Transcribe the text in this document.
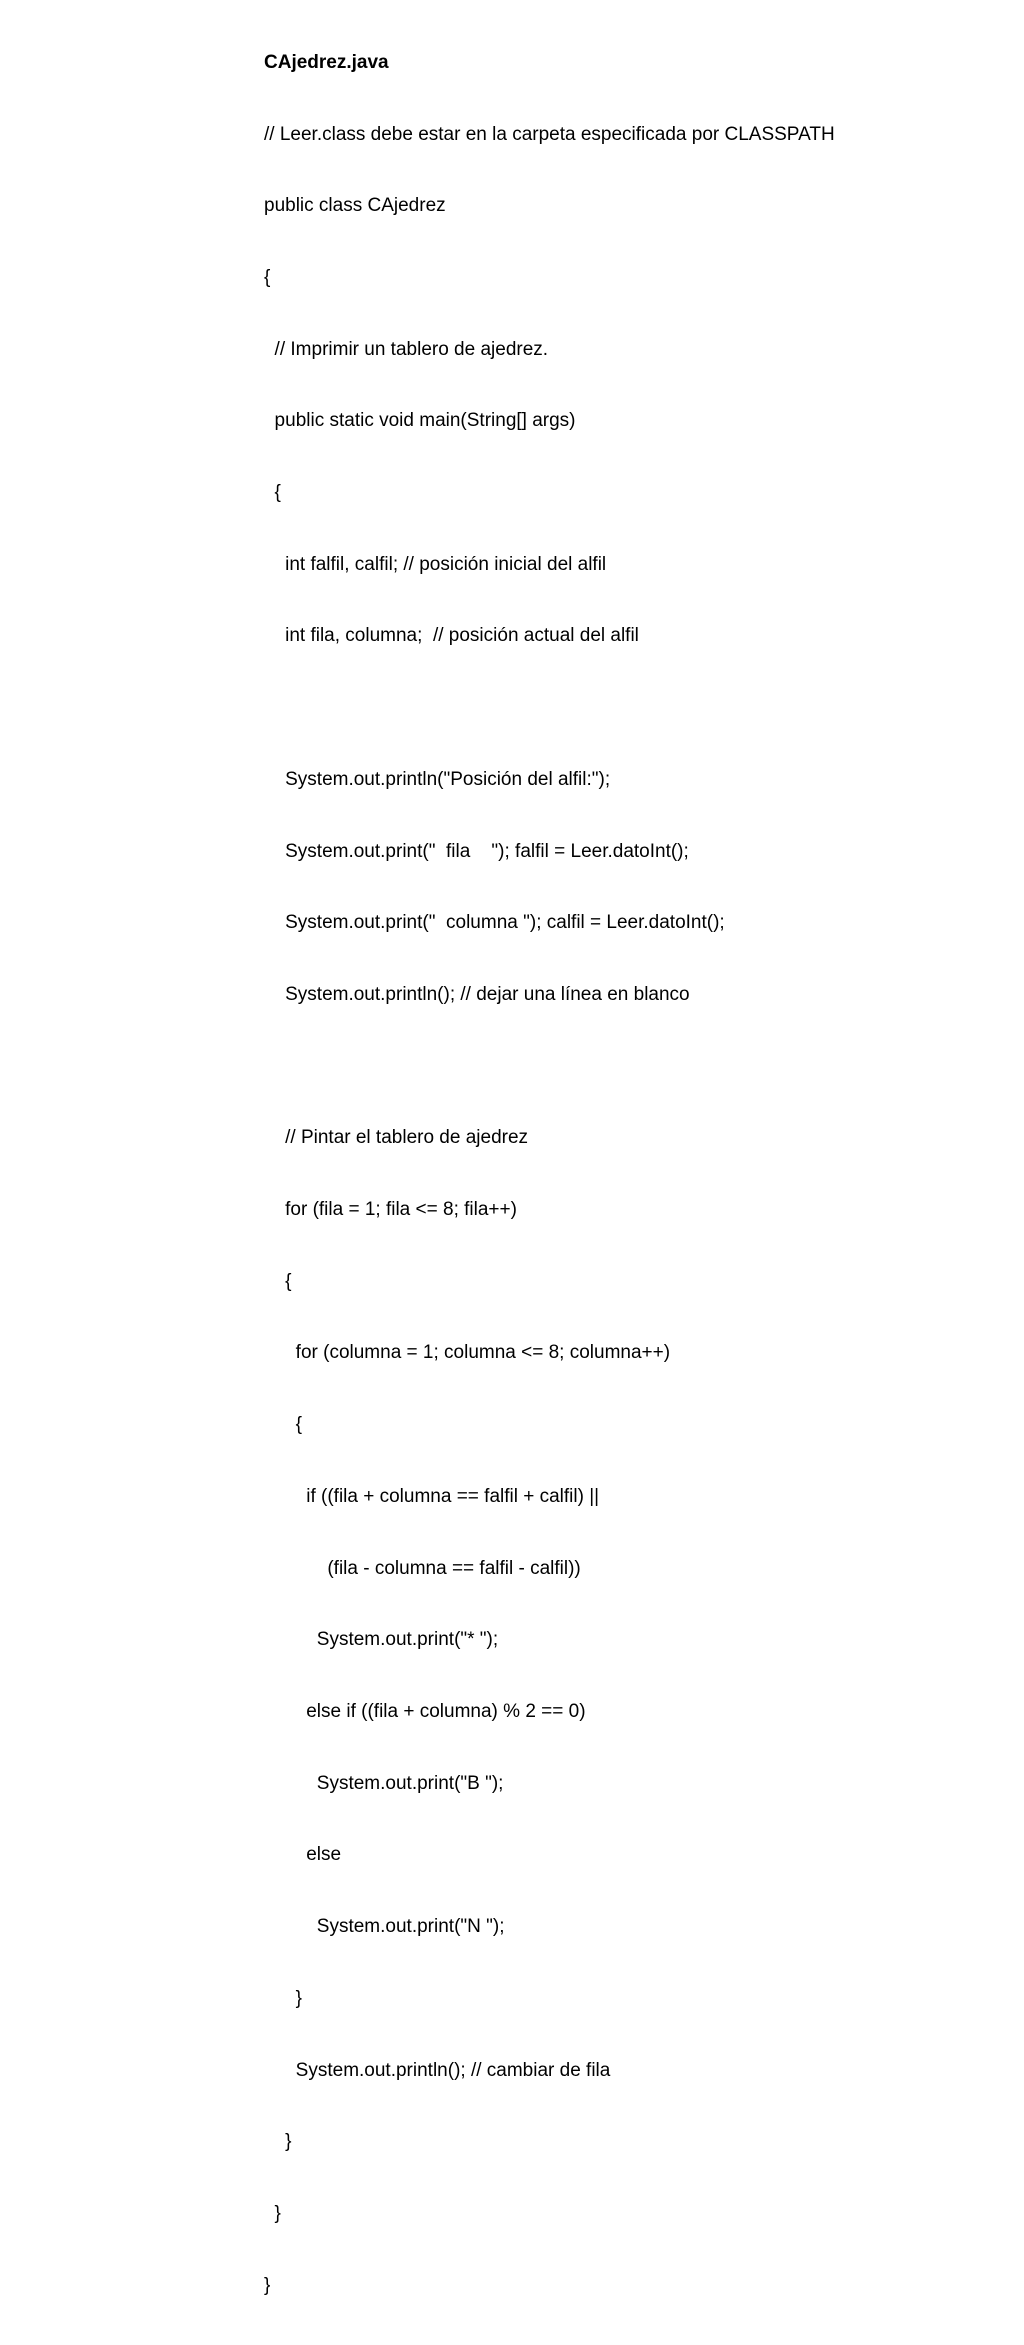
CAjedrez.java

// Leer.class debe estar en la carpeta especificada por CLASSPATH

public class CAjedrez

{

// Imprimir un tablero de ajedrez.

public static void main(String[] args)

{

int falfil, calfil; // posición inicial del alfil

int fila, columna;  // posición actual del alfil

System.out.println("Posición del alfil:");

System.out.print("  fila    "); falfil = Leer.datoInt();

System.out.print("  columna "); calfil = Leer.datoInt();

System.out.println(); // dejar una línea en blanco

// Pintar el tablero de ajedrez

for (fila = 1; fila <= 8; fila++)

{

for (columna = 1; columna <= 8; columna++)

{

if ((fila + columna == falfil + calfil) ||

(fila - columna == falfil - calfil))

System.out.print("* ");

else if ((fila + columna) % 2 == 0)

System.out.print("B ");

else

System.out.print("N ");

}

System.out.println(); // cambiar de fila

}

}

}
